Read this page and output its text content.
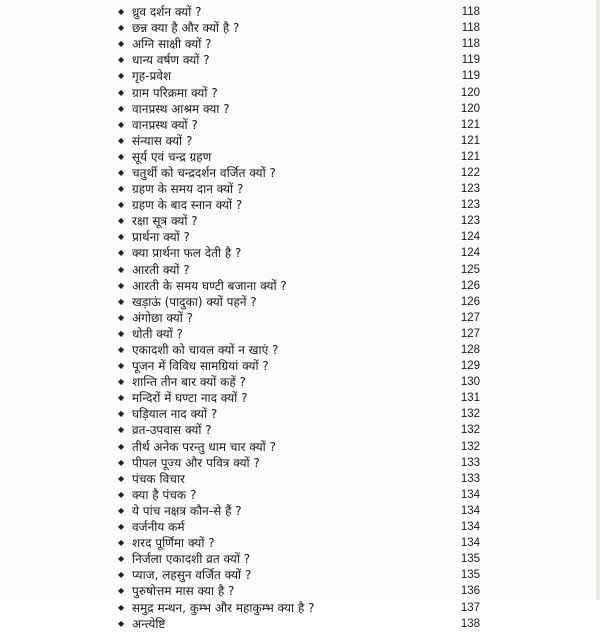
◆ ध्रुव दर्शन क्यों ?	118
◆ छन्न क्या है और क्यों है ?	118
◆ अग्नि साक्षी क्यों ?	118
◆ धान्य वर्षण क्यों ?	119
◆ गृह-प्रवेश	119
◆ ग्राम परिक्रमा क्यों ?	120
◆ वानप्रस्थ आश्रम क्या ?	120
◆ वानप्रस्थ क्यों ?	121
◆ संन्यास क्यों ?	121
◆ सूर्य एवं चन्द्र ग्रहण	121
◆ चतुर्थी को चन्द्रदर्शन वर्जित क्यों ?	122
◆ ग्रहण के समय दान क्यों ?	123
◆ ग्रहण के बाद स्नान क्यों ?	123
◆ रक्षा सूत्र क्यों ?	123
◆ प्रार्थना क्यों ?	124
◆ क्या प्रार्थना फल देती है ?	124
◆ आरती क्यों ?	125
◆ आरती के समय घण्टी बजाना क्यों ?	126
◆ खड़ाऊं (पादुका) क्यों पहनें ?	126
◆ अंगोछा क्यों ?	127
◆ धोती क्यों ?	127
◆ एकादशी को चावल क्यों न खाएं ?	128
◆ पूजन में विविध सामग्रियां क्यों ?	129
◆ शान्ति तीन बार क्यों कहें ?	130
◆ मन्दिरों में घण्टा नाद क्यों ?	131
◆ घड़ियाल नाद क्यों ?	132
◆ व्रत-उपवास क्यों ?	132
◆ तीर्थ अनेक परन्तु धाम चार क्यों ?	132
◆ पीपल पूज्य और पवित्र क्यों ?	133
◆ पंचक विचार	133
◆ क्या है पंचक ?	134
◆ ये पांच नक्षत्र कौन-से हैं ?	134
◆ वर्जनीय कर्म	134
◆ शरद पूर्णिमा क्यों ?	134
◆ निर्जला एकादशी व्रत क्यों ?	135
◆ प्याज, लहसुन वर्जित क्यों ?	135
◆ पुरुषोत्तम मास क्या है ?	136
◆ समुद्र मन्थन, कुम्भ और महाकुम्भ क्या है ?	137
◆ अन्त्येष्टि	138
